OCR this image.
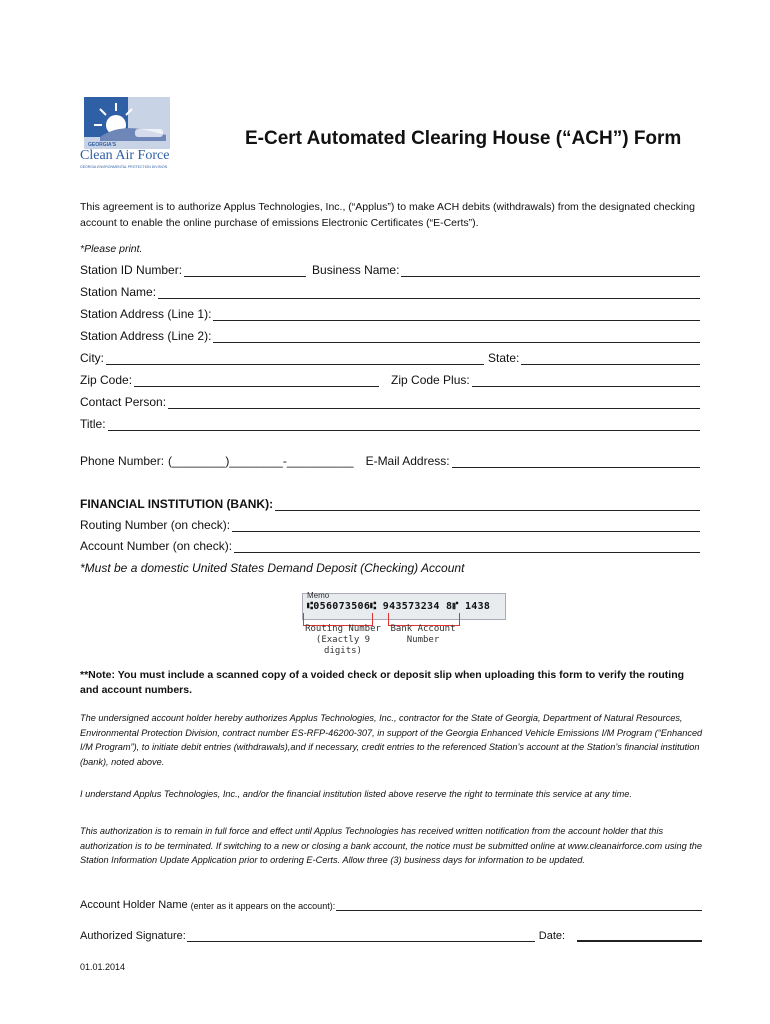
GEORGIA'S
Clean Air Force
GEORGIA ENVIRONMENTAL PROTECTION DIVISION
E-Cert Automated Clearing House (“ACH”) Form
This agreement is to authorize Applus Technologies, Inc., (“Applus”) to make ACH debits (withdrawals) from the designated checking account to enable the online purchase of emissions Electronic Certificates (“E-Certs”).
*Please print.
Station ID Number:	Business Name:
Station Name:
Station Address (Line 1):
Station Address (Line 2):
City:	State:
Zip Code:	Zip Code Plus:
Contact Person:
Title:
Phone Number: (________)________-__________ E-Mail Address:
FINANCIAL INSTITUTION (BANK):
Routing Number (on check):
Account Number (on check):
*Must be a domestic United States Demand Deposit (Checking) Account
Memo
⑆056073506⑆ 943573234 8⑈ 1438
Routing Number
(Exactly 9 digits)
Bank Account
Number
**Note: You must include a scanned copy of a voided check or deposit slip when uploading this form to verify the routing and account numbers.
The undersigned account holder hereby authorizes Applus Technologies, Inc., contractor for the State of Georgia, Department of Natural Resources, Environmental Protection Division, contract number ES-RFP-46200-307, in support of the Georgia Enhanced Vehicle Emissions I/M Program (“Enhanced I/M Program”), to initiate debit entries (withdrawals),and if necessary, credit entries to the referenced Station’s account at the Station’s financial institution (bank), noted above.
I understand Applus Technologies, Inc., and/or the financial institution listed above reserve the right to terminate this service at any time.
This authorization is to remain in full force and effect until Applus Technologies has received written notification from the account holder that this authorization is to be terminated. If switching to a new or closing a bank account, the notice must be submitted online at www.cleanairforce.com using the Station Information Update Application prior to ordering E-Certs. Allow three (3) business days for information to be updated.
Account Holder Name (enter as it appears on the account):
Authorized Signature:	Date:
01.01.2014
